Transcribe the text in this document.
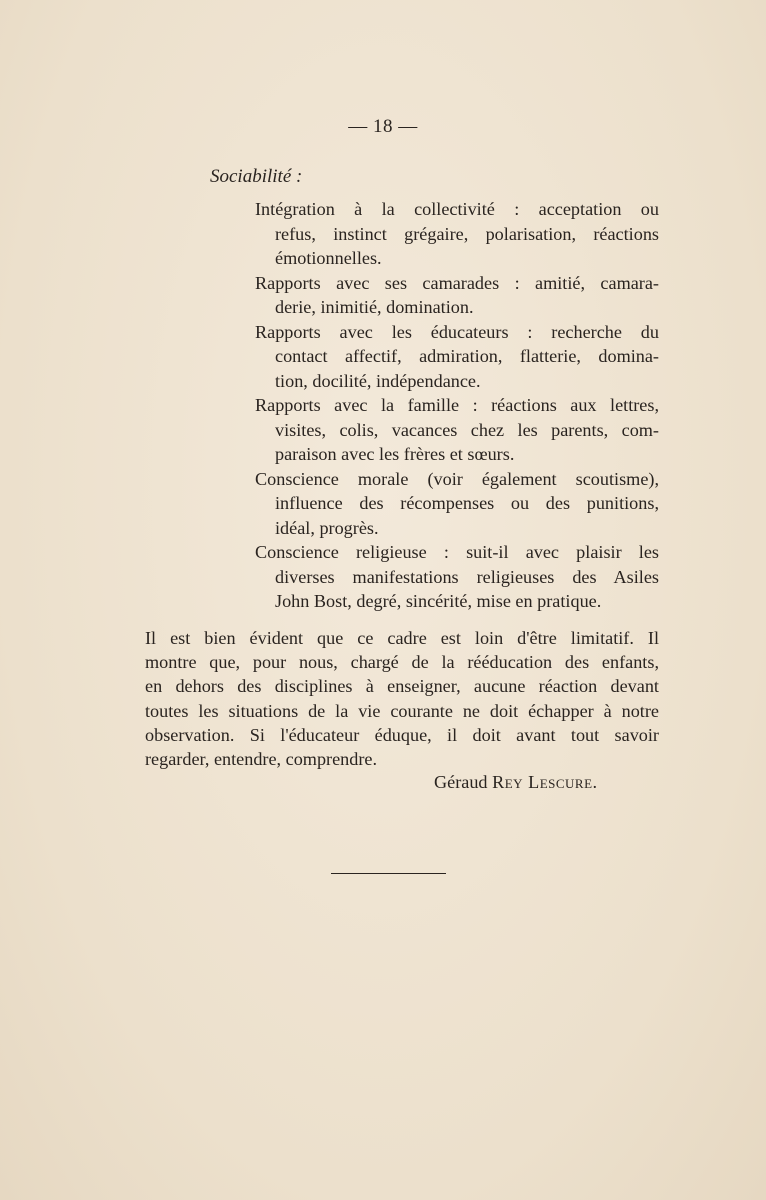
— 18 —
Sociabilité :
Intégration à la collectivité : acceptation ou
refus, instinct grégaire, polarisation, réactions
émotionnelles.
Rapports avec ses camarades : amitié, camara-
derie, inimitié, domination.
Rapports avec les éducateurs : recherche du
contact affectif, admiration, flatterie, domina-
tion, docilité, indépendance.
Rapports avec la famille : réactions aux lettres,
visites, colis, vacances chez les parents, com-
paraison avec les frères et sœurs.
Conscience morale (voir également scoutisme),
influence des récompenses ou des punitions,
idéal, progrès.
Conscience religieuse : suit-il avec plaisir les
diverses manifestations religieuses des Asiles
John Bost, degré, sincérité, mise en pratique.
Il est bien évident que ce cadre est loin d'être limitatif. Il
montre que, pour nous, chargé de la rééducation des enfants,
en dehors des disciplines à enseigner, aucune réaction devant
toutes les situations de la vie courante ne doit échapper à notre
observation. Si l'éducateur éduque, il doit avant tout savoir
regarder, entendre, comprendre.
Géraud Rey Lescure.
